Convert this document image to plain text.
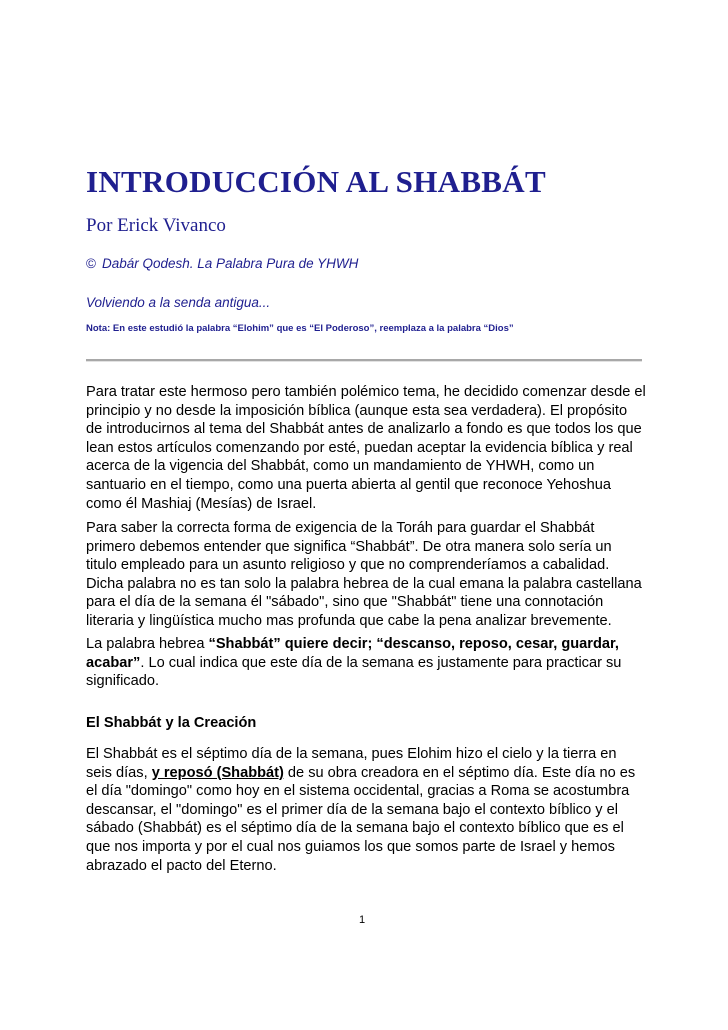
INTRODUCCIÓN AL SHABBÁT
Por Erick Vivanco
© Dabár Qodesh. La Palabra Pura de YHWH
Volviendo a la senda antigua...
Nota: En este estudió la palabra “Elohim” que es “El Poderoso”, reemplaza a la palabra “Dios”

Para tratar este hermoso pero también polémico tema, he decidido comenzar desde el principio y no desde la imposición bíblica (aunque esta sea verdadera). El propósito de introducirnos al tema del Shabbát antes de analizarlo a fondo es que todos los que lean estos artículos comenzando por esté, puedan aceptar la evidencia bíblica y real acerca de la vigencia del Shabbát, como un mandamiento de YHWH, como un santuario en el tiempo, como una puerta abierta al gentil que reconoce Yehoshua como él Mashiaj (Mesías) de Israel.

Para saber la correcta forma de exigencia de la Toráh para guardar el Shabbát primero debemos entender que significa “Shabbát”. De otra manera solo sería un titulo empleado para un asunto religioso y que no comprenderíamos a cabalidad. Dicha palabra no es tan solo la palabra hebrea de la cual emana la palabra castellana para el día de la semana él "sábado", sino que "Shabbát" tiene una connotación literaria y lingüística mucho mas profunda que cabe la pena analizar brevemente.

La palabra hebrea “Shabbát” quiere decir; “descanso, reposo, cesar, guardar, acabar”. Lo cual indica que este día de la semana es justamente para practicar su significado.

El Shabbát y la Creación

El Shabbát es el séptimo día de la semana, pues Elohim hizo el cielo y la tierra en seis días, y reposó (Shabbát) de su obra creadora en el séptimo día. Este día no es el día "domingo" como hoy en el sistema occidental, gracias a Roma se acostumbra descansar, el "domingo" es el primer día de la semana bajo el contexto bíblico y el sábado (Shabbát) es el séptimo día de la semana bajo el contexto bíblico que es el que nos importa y por el cual nos guiamos los que somos parte de Israel y hemos abrazado el pacto del Eterno.

1
